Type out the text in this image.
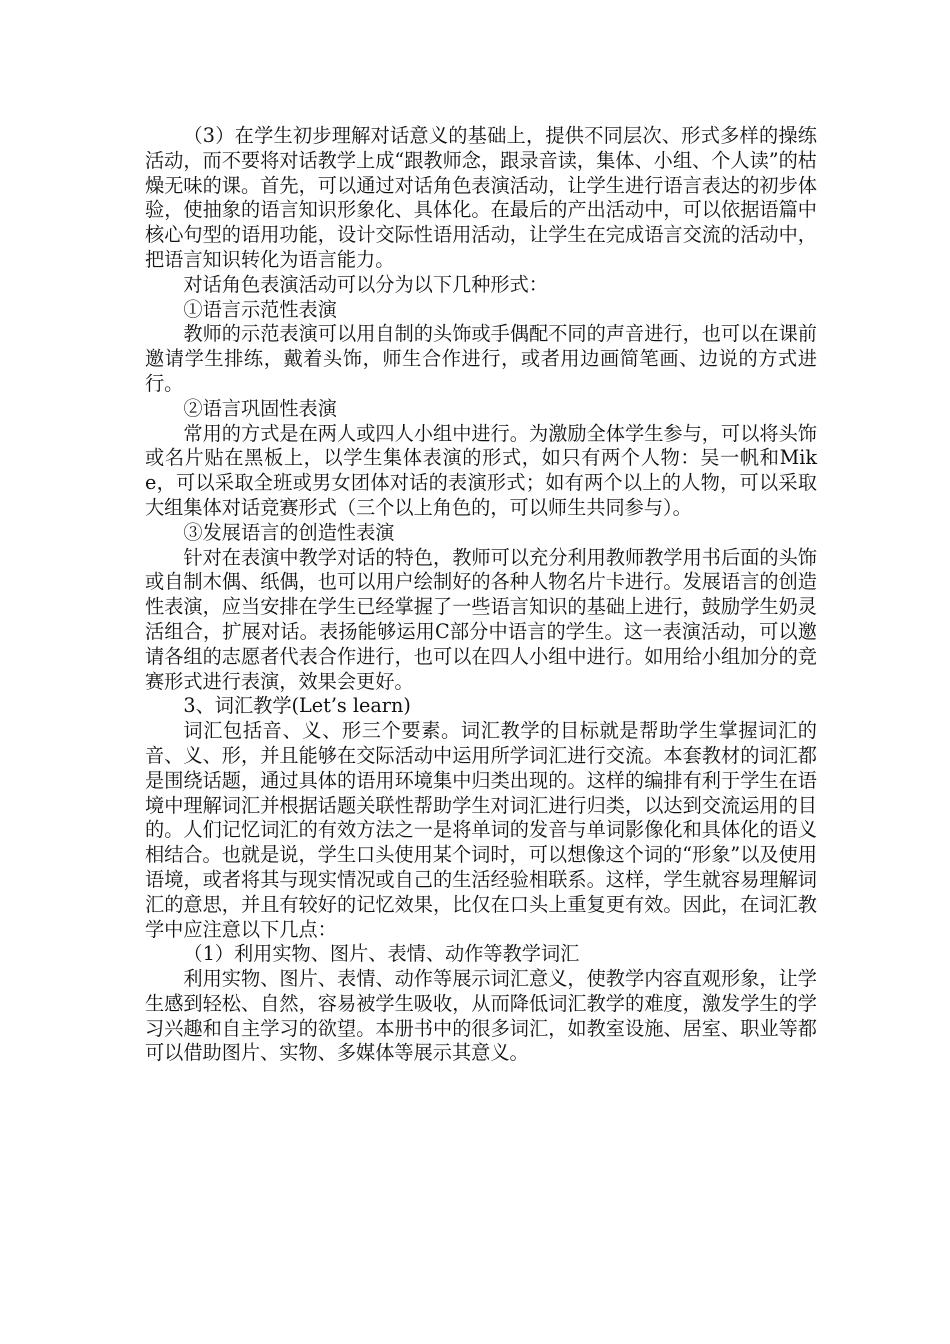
（3）在学生初步理解对话意义的基础上，提供不同层次、形式多样的操练活动，而不要将对话教学上成“跟教师念，跟录音读，集体、小组、个人读”的枯燥无味的课。首先，可以通过对话角色表演活动，让学生进行语言表达的初步体验，使抽象的语言知识形象化、具体化。在最后的产出活动中，可以依据语篇中核心句型的语用功能，设计交际性语用活动，让学生在完成语言交流的活动中，把语言知识转化为语言能力。

对话角色表演活动可以分为以下几种形式：

①语言示范性表演

教师的示范表演可以用自制的头饰或手偶配不同的声音进行，也可以在课前邀请学生排练，戴着头饰，师生合作进行，或者用边画简笔画、边说的方式进行。

②语言巩固性表演

常用的方式是在两人或四人小组中进行。为激励全体学生参与，可以将头饰或名片贴在黑板上，以学生集体表演的形式，如只有两个人物：吴一帆和Mike，可以采取全班或男女团体对话的表演形式；如有两个以上的人物，可以采取大组集体对话竞赛形式（三个以上角色的，可以师生共同参与）。

③发展语言的创造性表演

针对在表演中教学对话的特色，教师可以充分利用教师教学用书后面的头饰或自制木偶、纸偶，也可以用户绘制好的各种人物名片卡进行。发展语言的创造性表演，应当安排在学生已经掌握了一些语言知识的基础上进行，鼓励学生奶灵活组合，扩展对话。表扬能够运用C部分中语言的学生。这一表演活动，可以邀请各组的志愿者代表合作进行，也可以在四人小组中进行。如用给小组加分的竞赛形式进行表演，效果会更好。

3、词汇教学(Let’s learn)

词汇包括音、义、形三个要素。词汇教学的目标就是帮助学生掌握词汇的音、义、形，并且能够在交际活动中运用所学词汇进行交流。本套教材的词汇都是围绕话题，通过具体的语用环境集中归类出现的。这样的编排有利于学生在语境中理解词汇并根据话题关联性帮助学生对词汇进行归类，以达到交流运用的目的。人们记忆词汇的有效方法之一是将单词的发音与单词影像化和具体化的语义相结合。也就是说，学生口头使用某个词时，可以想像这个词的“形象”以及使用语境，或者将其与现实情况或自己的生活经验相联系。这样，学生就容易理解词汇的意思，并且有较好的记忆效果，比仅在口头上重复更有效。因此，在词汇教学中应注意以下几点：

（1）利用实物、图片、表情、动作等教学词汇

利用实物、图片、表情、动作等展示词汇意义，使教学内容直观形象，让学生感到轻松、自然，容易被学生吸收，从而降低词汇教学的难度，激发学生的学习兴趣和自主学习的欲望。本册书中的很多词汇，如教室设施、居室、职业等都可以借助图片、实物、多媒体等展示其意义。
